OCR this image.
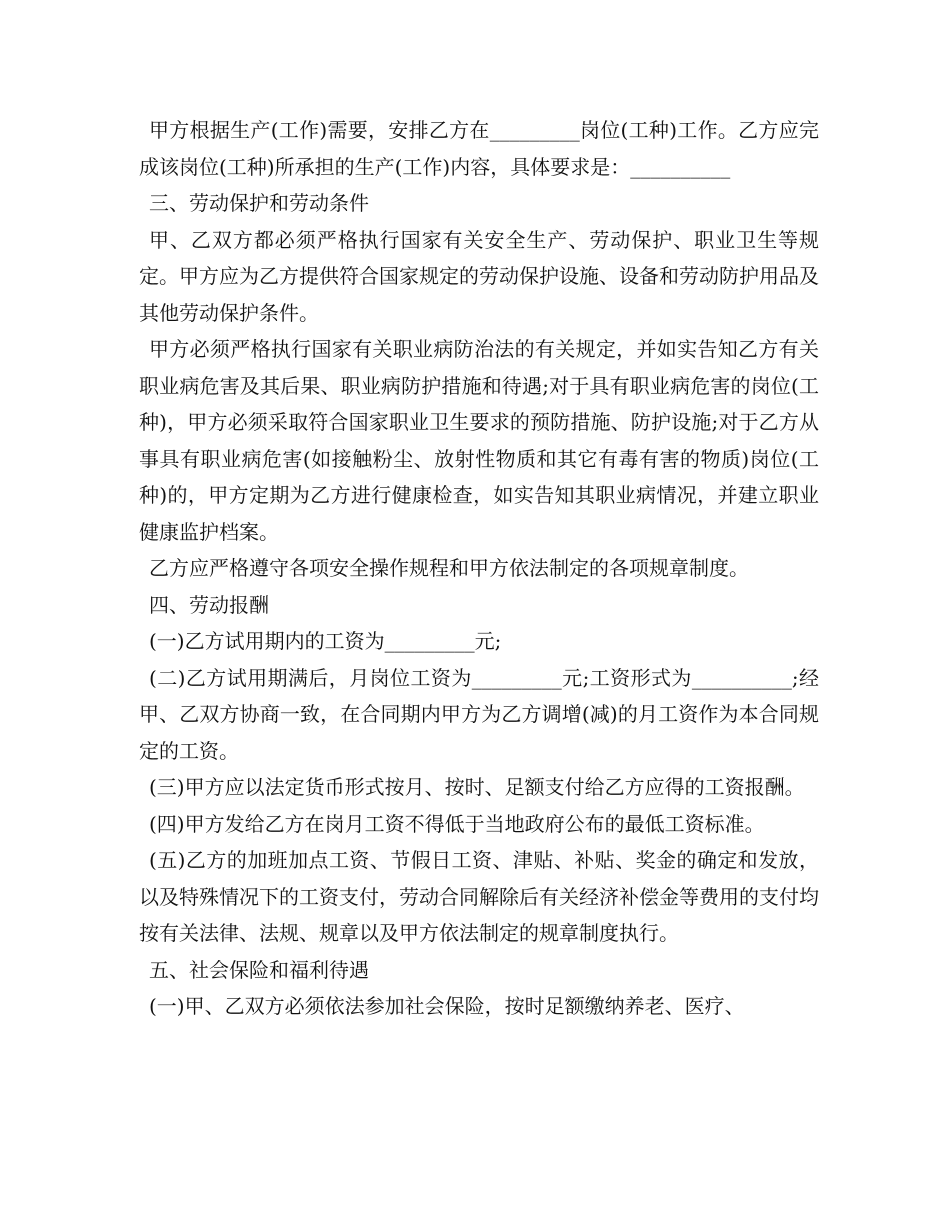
甲方根据生产(工作)需要，安排乙方在_________岗位(工种)工作。乙方应完成该岗位(工种)所承担的生产(工作)内容，具体要求是：__________

三、劳动保护和劳动条件

甲、乙双方都必须严格执行国家有关安全生产、劳动保护、职业卫生等规定。甲方应为乙方提供符合国家规定的劳动保护设施、设备和劳动防护用品及其他劳动保护条件。

甲方必须严格执行国家有关职业病防治法的有关规定，并如实告知乙方有关职业病危害及其后果、职业病防护措施和待遇;对于具有职业病危害的岗位(工种)，甲方必须采取符合国家职业卫生要求的预防措施、防护设施;对于乙方从事具有职业病危害(如接触粉尘、放射性物质和其它有毒有害的物质)岗位(工种)的，甲方定期为乙方进行健康检查，如实告知其职业病情况，并建立职业健康监护档案。

乙方应严格遵守各项安全操作规程和甲方依法制定的各项规章制度。

四、劳动报酬

(一)乙方试用期内的工资为_________元;

(二)乙方试用期满后，月岗位工资为_________元;工资形式为__________;经甲、乙双方协商一致，在合同期内甲方为乙方调增(减)的月工资作为本合同规定的工资。

(三)甲方应以法定货币形式按月、按时、足额支付给乙方应得的工资报酬。

(四)甲方发给乙方在岗月工资不得低于当地政府公布的最低工资标准。

(五)乙方的加班加点工资、节假日工资、津贴、补贴、奖金的确定和发放，以及特殊情况下的工资支付，劳动合同解除后有关经济补偿金等费用的支付均按有关法律、法规、规章以及甲方依法制定的规章制度执行。

五、社会保险和福利待遇

(一)甲、乙双方必须依法参加社会保险，按时足额缴纳养老、医疗、
